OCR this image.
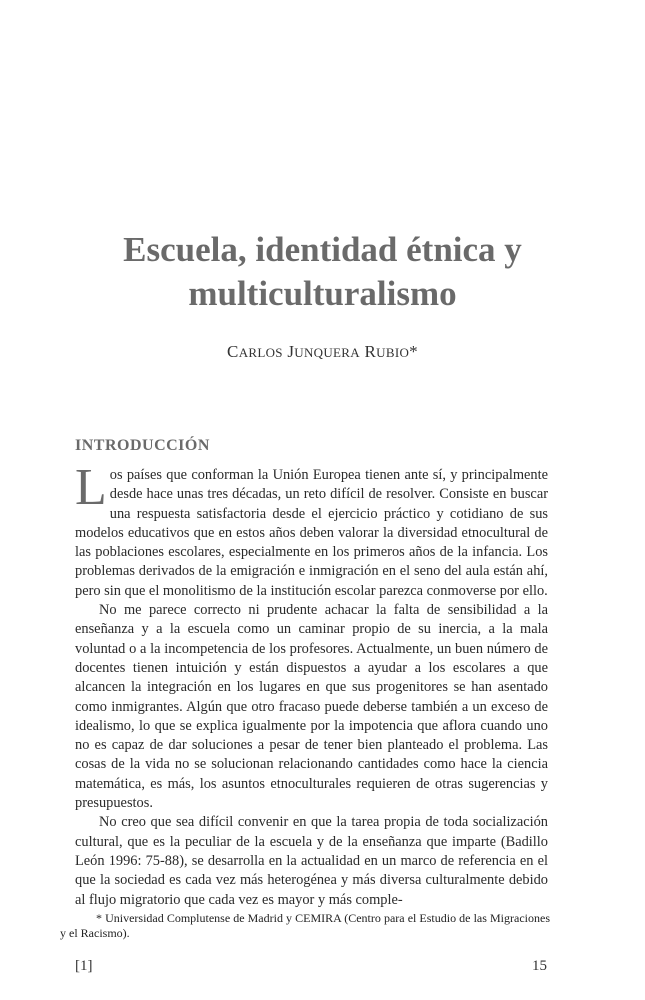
Escuela, identidad étnica y
multiculturalismo

CARLOS JUNQUERA RUBIO*

INTRODUCCIÓN

Los países que conforman la Unión Europea tienen ante sí, y principalmente desde hace unas tres décadas, un reto difícil de resolver. Consiste en buscar una respuesta satisfactoria desde el ejercicio práctico y cotidiano de sus modelos educativos que en estos años deben valorar la diversidad etnocultural de las poblaciones escolares, especialmente en los primeros años de la infancia. Los problemas derivados de la emigración e inmigración en el seno del aula están ahí, pero sin que el monolitismo de la institución escolar parezca conmoverse por ello.

No me parece correcto ni prudente achacar la falta de sensibilidad a la enseñanza y a la escuela como un caminar propio de su inercia, a la mala voluntad o a la incompetencia de los profesores. Actualmente, un buen número de docentes tienen intuición y están dispuestos a ayudar a los escolares a que alcancen la integración en los lugares en que sus progenitores se han asentado como inmigrantes. Algún que otro fracaso puede deberse también a un exceso de idealismo, lo que se explica igualmente por la impotencia que aflora cuando uno no es capaz de dar soluciones a pesar de tener bien planteado el problema. Las cosas de la vida no se solucionan relacionando cantidades como hace la ciencia matemática, es más, los asuntos etnoculturales requieren de otras sugerencias y presupuestos.

No creo que sea difícil convenir en que la tarea propia de toda socialización cultural, que es la peculiar de la escuela y de la enseñanza que imparte (Badillo León 1996: 75-88), se desarrolla en la actualidad en un marco de referencia en el que la sociedad es cada vez más heterogénea y más diversa culturalmente debido al flujo migratorio que cada vez es mayor y más comple-

* Universidad Complutense de Madrid y CEMIRA (Centro para el Estudio de las Migraciones y el Racismo).

[1]	15
